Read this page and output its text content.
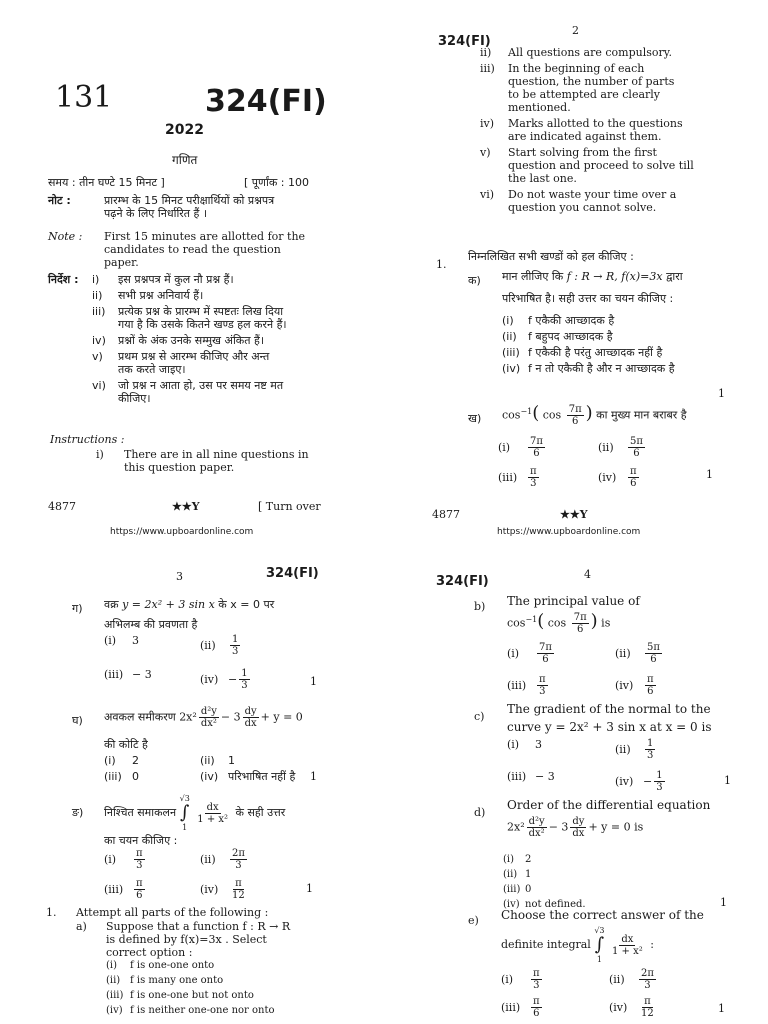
131	324(FI)
2022
गणित
समय : तीन घण्टे 15 मिनट ]	[ पूर्णांक : 100
नोट :	प्रारम्भ के 15 मिनट परीक्षार्थियों को प्रश्नपत्र
पढ़ने के लिए निर्धारित हैं ।
Note : First 15 minutes are allotted for the
candidates to read the question
paper.
निर्देश : i) इस प्रश्नपत्र में कुल नौ प्रश्न हैं।
ii) सभी प्रश्न अनिवार्य हैं।
iii) प्रत्येक प्रश्न के प्रारम्भ में स्पष्टतः लिख दिया
गया है कि उसके कितने खण्ड हल करने हैं।
iv) प्रश्नों के अंक उनके सम्मुख अंकित हैं।
v) प्रथम प्रश्न से आरम्भ कीजिए और अन्त
तक करते जाइए।
vi) जो प्रश्न न आता हो, उस पर समय नष्ट मत
कीजिए।
Instructions :
i) There are in all nine questions in
this question paper.
4877	★★Y	[ Turn over
https://www.upboardonline.com
324(FI)
2
ii) All questions are compulsory.
iii) In the beginning of each
question, the number of parts
to be attempted are clearly
mentioned.
iv) Marks allotted to the questions
are indicated against them.
v) Start solving from the first
question and proceed to solve till
the last one.
vi) Do not waste your time over a
question you cannot solve.
1.
निम्नलिखित सभी खण्डों को हल कीजिए :
क) मान लीजिए कि f : R → R, f(x)=3x द्वारा
परिभाषित है। सही उत्तर का चयन कीजिए :
(i)	f एकैकी आच्छादक है
(ii)	f बहुपद आच्छादक है
(iii) f एकैकी है परंतु आच्छादक नहीं है
(iv) f न तो एकैकी है और न आच्छादक है
1
ख) $\cos^{-1}$( $\cos \frac{7\pi}{6}$ ) का मुख्य मान बराबर है
(i)	$\frac{7\pi}{6}$	(ii)	$\frac{5\pi}{6}$
(iii)	$\frac{\pi}{3}$	(iv)	$\frac{\pi}{6}$	1
4877	★★Y
https://www.upboardonline.com
3	324(FI)
ग) वक्र y = 2x² + 3 sin x के x = 0 पर
अभिलम्ब की प्रवणता है
(i)	3	(ii)	$\frac{1}{3}$
(iii) − 3	$(iv) - \frac{1}{3}$	1
घ) अवकल समीकरण $2x^2 \frac{\text{d²y}}{\text{dx²}} - 3 \frac{dy}{dx} + y = 0$
की कोटि है
(i)	2	(ii)	1
(iii) 0	(iv) परिभाषित नहीं है 1
ङ) निश्चित समाकलन
√3
∫
1

$\frac{dx}{\text{1 + x²}}$ के सही उत्तर
का चयन कीजिए :
(i)	$\frac{\pi}{3}$	(ii)	$\frac{2\pi}{3}$
(iii)	$\frac{\pi}{6}$	(iv)	$\frac{\pi}{12}$	1
1. Attempt all parts of the following :
a) Suppose that a function f : R → R
is defined by f(x)=3x . Select
correct option :
(i)	f is one-one onto
(ii) f is many one onto
(iii) f is one-one but not onto
(iv) f is neither one-one nor onto
324(FI)	4
b) The principal value of
$\cos^{-1}$( $\cos \frac{7\pi}{6}$ ) is
(i)	$\frac{7\pi}{6}$	(ii)	$\frac{5\pi}{6}$
(iii)	$\frac{\pi}{3}$	(iv)	$\frac{\pi}{6}$
c)
The gradient of the normal to the
curve y = 2x² + 3 sin x at x = 0 is
(i)	3	(ii)	$\frac{1}{3}$
(iii) − 3	$(iv) - \frac{1}{3}$	1
d)
Order of the differential equation
$2x^2 \frac{\text{d²y}}{\text{dx²}} - 3 \frac{dy}{dx} + y = 0$ is
(i)	2
(ii) 1
(iii) 0
(iv) not defined.	1
e) Choose the correct answer of the
definite integral
√3
∫
1

$\frac{dx}{\text{1 + x²}}$ :
(i)	$\frac{\pi}{3}$	(ii)	$\frac{2\pi}{3}$
(iii)	$\frac{\pi}{6}$	(iv)	$\frac{\pi}{12}$	1
